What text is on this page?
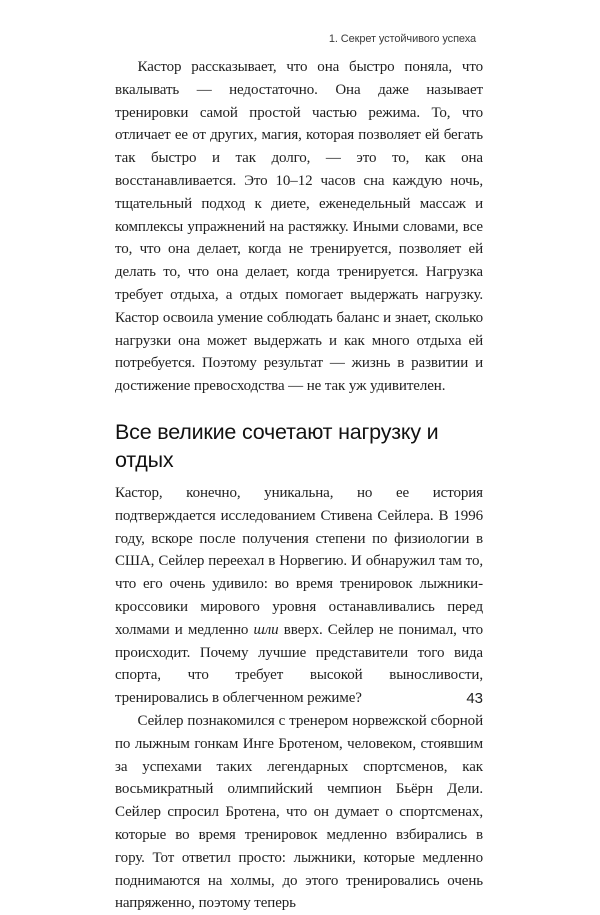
1. Секрет устойчивого успеха

Кастор рассказывает, что она быстро поняла, что вкалывать — недостаточно. Она даже называет тренировки самой простой частью режима. То, что отличает ее от других, магия, которая позволяет ей бегать так быстро и так долго, — это то, как она восстанавливается. Это 10–12 часов сна каждую ночь, тщательный подход к диете, еженедельный массаж и комплексы упражнений на растяжку. Иными словами, все то, что она делает, когда не тренируется, позволяет ей делать то, что она делает, когда тренируется. Нагрузка требует отдыха, а отдых помогает выдержать нагрузку. Кастор освоила умение соблюдать баланс и знает, сколько нагрузки она может выдержать и как много отдыха ей потребуется. Поэтому результат — жизнь в развитии и достижение превосходства — не так уж удивителен.

Все великие сочетают нагрузку и отдых

Кастор, конечно, уникальна, но ее история подтверждается исследованием Стивена Сейлера. В 1996 году, вскоре после получения степени по физиологии в США, Сейлер переехал в Норвегию. И обнаружил там то, что его очень удивило: во время тренировок лыжники-кроссовики мирового уровня останавливались перед холмами и медленно шли вверх. Сейлер не понимал, что происходит. Почему лучшие представители того вида спорта, что требует высокой выносливости, тренировались в облегченном режиме?

Сейлер познакомился с тренером норвежской сборной по лыжным гонкам Инге Бротеном, человеком, стоявшим за успехами таких легендарных спортсменов, как восьмикратный олимпийский чемпион Бьёрн Дели. Сейлер спросил Бротена, что он думает о спортсменах, которые во время тренировок медленно взбирались в гору. Тот ответил просто: лыжники, которые медленно поднимаются на холмы, до этого тренировались очень напряженно, поэтому теперь

43
